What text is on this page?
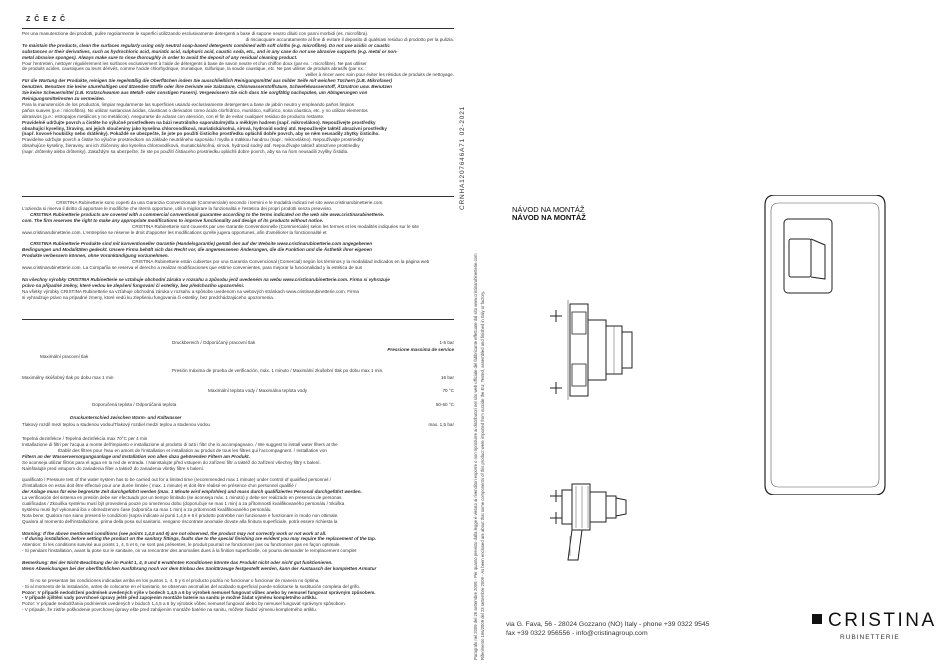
Z Č E Z Č

Per una manutenzione dei prodotti, pulire regolarmente le superfici utilizzando esclusivamente detergenti a base di sapone neutro diluiti con panni morbidi (es. microfibra).

di risciacquare accuratamente al fine di evitare il deposito di qualsiasi residuo di prodotto per la pulizia.

To maintain the products, clean the surfaces regularly using only neutral soap-based detergents combined with soft cloths (e.g. microfibre). Do not use acidic or caustic

substances or their derivatives, such as hydrochloric acid, muriatic acid, sulphuric acid, caustic soda, etc., and in any case do not use abrasive supports (e.g. metal or non-

metal abrasive sponges). Always make sure to rinse thoroughly in order to avoid the deposit of any residual cleaning product.

Pour l'entretien, nettoyer régulièrement les surfaces exclusivement à l'aide de détergents à base de savon neutre et d'un chiffon doux (par ex. : microfibre). Ne pas utiliser

de produits acides, caustiques ou leurs dérivés, comme l'acide chlorhydrique, muriatique, sulfurique, la soude caustique, etc. Ne pas utiliser de produits abrasifs (par ex. :

veiller à rincer avec soin pour éviter les résidus de produits de nettoyage.

Für die Wartung der Produkte, reinigen Sie regelmäßig die Oberflächen indem Sie ausschließlich Reinigungsmittel aus milder Seife mit weichen Tüchern (z.B. Mikrofaser)

benutzen. Benutzen Sie keine säurehaltigen und ätzenden Stoffe oder ihre Derivate wie Salzsäure, Chlorwasserstoffsäure, Schwefelwasserstoff, Ätznatron usw. Benutzen

Sie keine Scheuermittel (z.B. Kratzschwamm aus Metall- oder sonstigen Fasern). Vergewissern Sie sich dass Sie sorgfältig nachspülen, um Ablagerungen von

Reinigungsmittelresten zu vermeiden.

Para la manutención de los productos, limpiar regularmente las superficies usando exclusivamente detergentes a base de jabón neutro y empleando paños limpios

paños suaves (p.e.: microfibra). No utilizar sustancias ácidas, cáusticas o derivados como ácido clorhídrico, muriático, sulfúrico, sosa cáustica, etc. y no utilizar elementos

abrasivos (p.e.: estropajos metálicos y no metálicos). Asegurarse de aclarar con atención, con el fin de evitar cualquier residuo de producto restante.

Pravidelně udržujte povrch a čistěte ho výlučně prostředkem na bázi neutrálního saponátu/mýdla a měkkým hadrem (např. mikrovlákno). Nepoužívejte prostředky

obsahující kyseliny, žíraviny, ani jejich sloučeniny jako kyselina chlorovodíková, muriatická/solná, sírová, hydroxid sodný atd. Nepoužívejte taktéž abrazivní prostředky

(např. kovové houbičky nebo drátěnky). Pokaždé se ubezpečte, že jste po použití čisticího prostředku opláchli dobře povrch, aby se něm neusadily zbytky čisticího.

Pravidelne udržujte povrch a čistite ho výlučne prostriedkom na základe neutrálneho saponátu / mydla a mäkkou handrou (napr.: mikrovlákno). Nepoužívajte prostriedky

obsahujúce kyseliny, žieraviny, ani ich zlúčeniny ako kyselina chlorovodíková, muriatická/soľná, sírová, hydroxid sodný atď. Nepoužívajte taktiež abrazívne prostriedky

(napr. drôtenky alebo drôtenky). Zakaždým sa ubezpečte, že ste po použití čistiaceho prostriedku opláchli dobre povrch, aby sa na ňom neusadili zvyšky čistidla.

CRISTINA Rubinetterie sono coperti da una Garanzia Convenzionale (Commerciale) secondo i termini e le modalità indicati nel sito www.cristinarubinetterie.com.

L'azienda si riserva il diritto di apportare le modifiche che riterrà opportune, utili a migliorare la funzionalità e l'estetica dei propri prodotti senza preavviso.

CRISTINA Rubinetterie products are covered with a commercial conventional guarantee according to the terms indicated on the web site www.cristinarubinetterie.

com. The firm reserves the right to make any appropriate modifications to improve functionality and design of its products without notice.

CRISTINA Rubinetterie sont couverts par une Garantie Conventionnelle (Commerciale) selon les termes et les modalités indiquées sur le site

www.cristinarubinetterie.com. L'entreprise se réserve le droit d'apporter les modifications qu'elle jugera opportunes, afin d'améliorer la fonctionnalité et

CRISTINA Rubinetterie Produkte sind mit konventioneller Garantie (Handelsgarantie) gemäß den auf der Website www.cristinarubinetterie.com angegebenen

Bedingungen und Modalitäten gedeckt. Unsere Firma behält sich das Recht vor, die angemessenen Änderungen, die die Funktion und die Ästhetik ihrer eigenen

Produkte verbessern können, ohne Vorankündigung vorzunehmen.

CRISTINA Rubinetterie están cubiertos por una Garantía Convencional (Comercial) según los términos y la modalidad indicados en la página web

www.cristinarubinetterie.com. La Compañía se reserva el derecho a realizar modificaciones que estime convenientes, para mejorar la funcionalidad y la estética de sus

Na všechny výrobky CRISTINA Rubinetterie se vztahuje obchodní záruka v rozsahu a způsobu jenž uvedeném na webu www.cristinarubinetterie.com. Firma si vyhrazuje

právo na případné změny, které vedou ke zlepšení fungování či estetiky, bez předchozího upozornění.

Na všetky výrobky CRISTINA Rubinetterie sa vzťahuje obchodná záruka v rozsahu a spôsobe uvedenom na webových stránkach www.cristinarubinetterie.com. Firma

si vyhradzuje právo na prípadné zmeny, ktoré vedú ku zlepšeniu fungovania či estetiky, bez predchádzajúceho upozornenia.

Druckbereich / Odporúčaný pracovní tlak	1-5 bar
Pressione massima de service
Maximální pracovní tlak
Presión máxima de prueba de verificación, máx. 1 minuto / Maximální zkušební tlak po dobu max 1 min.
Maximálny skúšobný tlak po dobu max 1 min	16 bar
Maximální teplota vody / Maximálna teplota vody	70 °C
Doporučená teplota / Odporúčaná teplota	50-60 °C
Druckunterschied zwischen Warm- und Kaltwasser
Tlakový rozdíl mezi teplou a studenou vodou/Tlakový rozdiel medzi teplou a studenou vodou	max. 1,5 bar

Tepelná dezinfekce / Tepelná dezinfekcia max 70°C per 4 min

Installazione di filtri per l'acqua a monte dell'impianto e installazione al prodotto di tutti i filtri che lo accompagnano. / We suggest to install water filters at the

Établir des filtres pour l'eau en amont de l'installation et installation au produit de tous les filtres qui l'accompagnent. / Installation von

Filtern an der Wasserversorgungsanlage und Installation von allen dazu gehörenden Filtern am Produkt.

Se aconseja utilizar filtros para el agua en la red de entrada. / Nainstalujte před vstupem do zařízení filtr a taktéž do zařízení všechny filtry s balení.

Nainštalujte pred vstupom do zariadenia filter a taktiež do zariadenia všetky filtre s balení.

qualificato / Pressure test of the water system has to be carried out for a limited time (recommended max 1 minute) under control of qualified personnel /

d'installation en essai doit être effectué pour une durée limitée ( max. 1 minute) et doit être réalisé en présence d'un personnel qualifié /

der Anlage muss für eine begrenzte Zeit durchgeführt werden (max. 1 Minute wird empfohlen) und muss durch qualifiziertes Personal durchgeführt werden.

La verificación del sistema en presión debe ser efectuado por un tiempo limitado (se aconseja máx. 1 minuto) y debe ser realizado en presencia de personas

cualificadas / Zkouška systému musí být provedená pouze po omezenou dobu (doporučuje se max 1 min) a za přítomnosti kvalifikovaného personálu / Skúška

systému musí byť vykonaná iba v obmedzenom čase (odporúča sa max 1 min) a za prítomnosti kvalifikovaného personálu.

Nota bene: Qualora non siano presenti le condizioni (sopra indicate ai punti 1,4,5 e 6 il prodotto potrebbe non funzionare e funzionare in modo non ottimale.

Qualora al momento dell'installazione, prima della posa sul sanitario, vengano riscontrate anomalie dovute alla finitura superficiale, potrà essere richiesta la

Warning: If the above mentioned conditions (see points 1,4,5 and 6) are not observed, the product may not correctly work or not work at all.

- If during installation, before setting the product on the sanitary fittings, faults due to the special finishing are evident you may require the replacement of the tap.

Attention: Si les conditions susvisé aux points 1, 4, 5 et 6, ne sont pas présentes, le produit pourrait ne fonctionner pas ou fonctionner pas en façon optimale.

- Si pendant l'installation, avant la pose sur le sanitaire, on va rencontrer des anomalies dues à la finition superficielle, on pourra demander le remplacement complet

Bemerkung: Bei der Nicht-Beachtung der im Punkt 1, 4, 5 und 6 erwähnten Konditionen könnte das Produkt nicht oder nicht gut funktionieren.

Wenn Abweichungen bei der oberflächlichen Ausführung noch vor dem Einbau des Sanitärzeuge festgestellt werden, kann der Austausch der kompletten Armatur

Si no se presentan las condiciones indicadas arriba en los puntos 1, 4, 5 y 6 el producto podría no funcionar o funcionar de manera no óptima.

- Si al momento de la instalación, antes de colocarse en el sanitario, se observan anomalías del acabado superficial puede solicitarse la sustitución completa del grifo.

Pozor: V případě nedodržení podmínek uvedených výše v bodech 1,4,5 a 6 by výrobek nemusel fungovat vůbec anebo by nemusel fungovat správným způsobem.

- V případě zjištění vady povrchové úpravy ještě před zapojením montáže baterie na sanitu je možné žádat výměnu kompletního artiklu.

Pozor: V prípade nedodržania podmienok uvedených v bodoch 1,4,5 a 6 by výrobok vôbec nemusel fungovať alebo by nemusel fungovať správnym spôsobom.

- V prípade, že zistíte poškodenie povrchovej úpravy ešte pred zahájením montáže batérie na sanitu, môžete žiadať výmenu kompletného artiklu.

CRNHA1207646A71 02-2021
Paragrafo nel 2009 del 26 settembre 2009 - Per quanto previsto dalla legge è vietato ai rivenditori esporre o non riprodurre ai distributori nel sito web ufficiale del fabbricante effettuate dal sito www.cristinarubinetterie.com Riferimento 166/2009 del 23 settembre 2009 - As been enclosed are about that some components of this product were imported from outside the EU, Tested, assembled and finished in Italy or factory.
NÁVOD NA MONTÁŽ
NÁVOD NA MONTÁŽ
via G. Fava, 56 - 28024 Gozzano (NO) Italy - phone +39 0322 9545
fax +39 0322 956556 - info@cristinagroup.com
CRISTINA
RUBINETTERIE
